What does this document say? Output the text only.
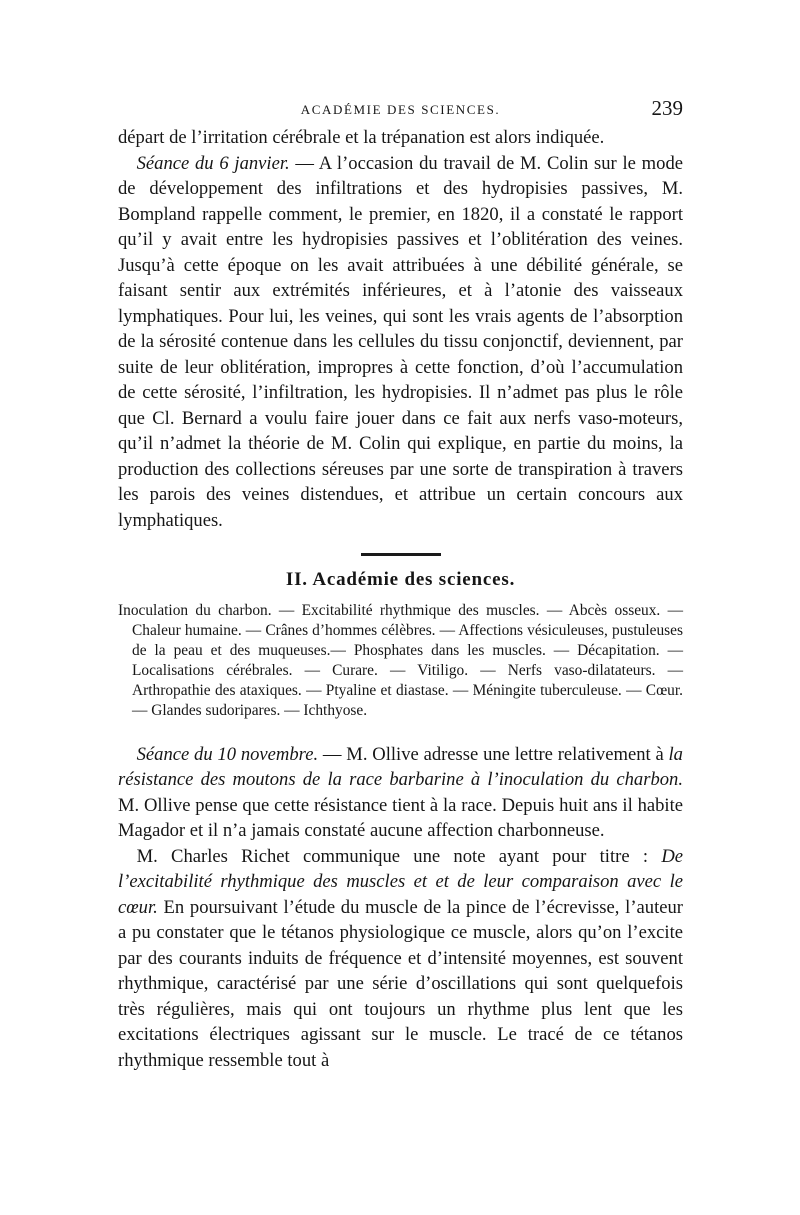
ACADÉMIE DES SCIENCES.	239

départ de l’irritation cérébrale et la trépanation est alors indiquée.

 Séance du 6 janvier. — A l’occasion du travail de M. Colin sur le mode de développement des infiltrations et des hydropisies passives, M. Bompland rappelle comment, le premier, en 1820, il a constaté le rapport qu’il y avait entre les hydropisies passives et l’oblitération des veines. Jusqu’à cette époque on les avait attribuées à une débilité générale, se faisant sentir aux extrémités inférieures, et à l’atonie des vaisseaux lymphatiques. Pour lui, les veines, qui sont les vrais agents de l’absorption de la sérosité contenue dans les cellules du tissu conjonctif, deviennent, par suite de leur oblitération, impropres à cette fonction, d’où l’accumulation de cette sérosité, l’infiltration, les hydropisies. Il n’admet pas plus le rôle que Cl. Bernard a voulu faire jouer dans ce fait aux nerfs vaso-moteurs, qu’il n’admet la théorie de M. Colin qui explique, en partie du moins, la production des collections séreuses par une sorte de transpiration à travers les parois des veines distendues, et attribue un certain concours aux lymphatiques.

II. Académie des sciences.

Inoculation du charbon. — Excitabilité rhythmique des muscles. — Abcès osseux. — Chaleur humaine. — Crânes d’hommes célèbres. — Affections vésiculeuses, pustuleuses de la peau et des muqueuses.— Phosphates dans les muscles. — Décapitation. — Localisations cérébrales. — Curare. — Vitiligo. — Nerfs vaso-dilatateurs. — Arthropathie des ataxiques. — Ptyaline et diastase. — Méningite tuberculeuse. — Cœur. — Glandes sudoripares. — Ichthyose.

 Séance du 10 novembre. — M. Ollive adresse une lettre relativement à la résistance des moutons de la race barbarine à l’inoculation du charbon. M. Ollive pense que cette résistance tient à la race. Depuis huit ans il habite Magador et il n’a jamais constaté aucune affection charbonneuse.

 M. Charles Richet communique une note ayant pour titre : De l’excitabilité rhythmique des muscles et et de leur comparaison avec le cœur. En poursuivant l’étude du muscle de la pince de l’écrevisse, l’auteur a pu constater que le tétanos physiologique ce muscle, alors qu’on l’excite par des courants induits de fréquence et d’intensité moyennes, est souvent rhythmique, caractérisé par une série d’oscillations qui sont quelquefois très régulières, mais qui ont toujours un rhythme plus lent que les excitations électriques agissant sur le muscle. Le tracé de ce tétanos rhythmique ressemble tout à
